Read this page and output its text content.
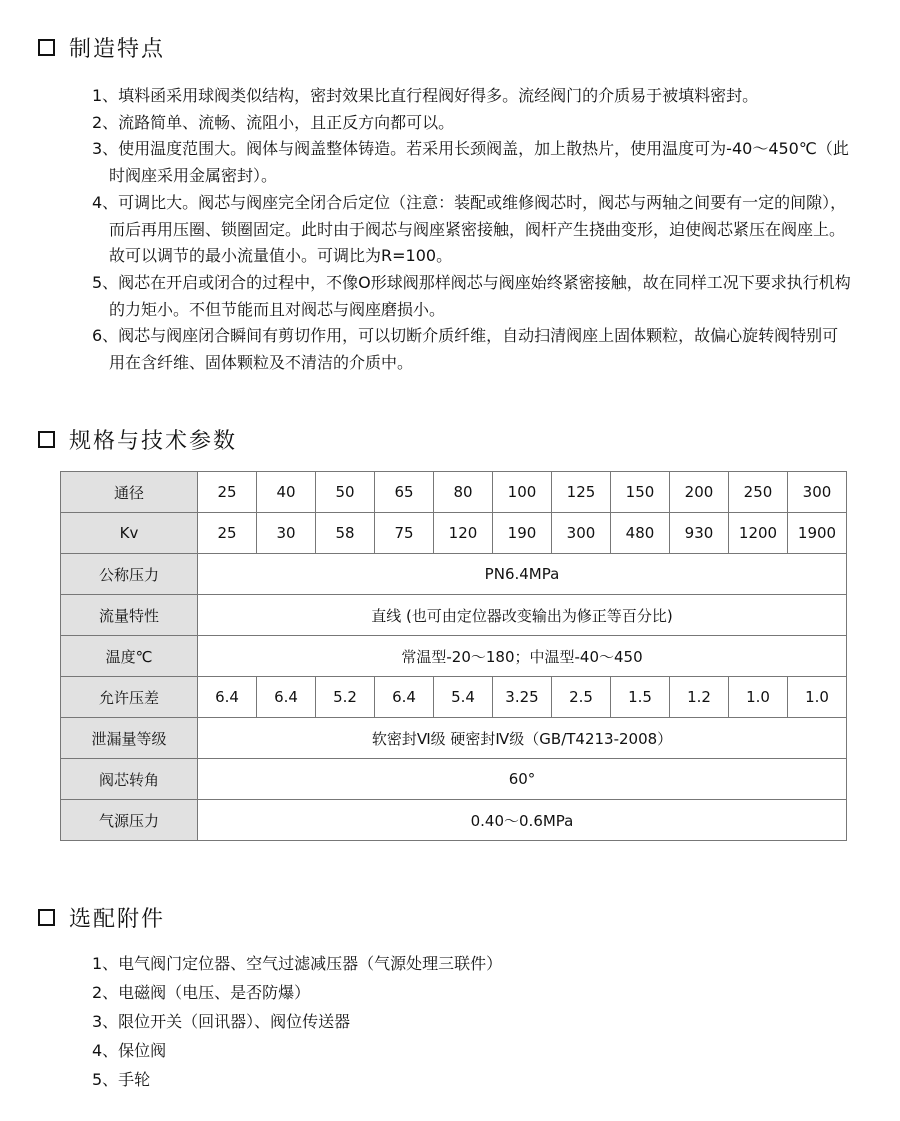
制造特点
1、填料函采用球阀类似结构，密封效果比直行程阀好得多。流经阀门的介质易于被填料密封。
2、流路简单、流畅、流阻小，且正反方向都可以。
3、使用温度范围大。阀体与阀盖整体铸造。若采用长颈阀盖，加上散热片，使用温度可为-40～450℃（此时阀座采用金属密封）。
4、可调比大。阀芯与阀座完全闭合后定位（注意：装配或维修阀芯时，阀芯与两轴之间要有一定的间隙），而后再用压圈、锁圈固定。此时由于阀芯与阀座紧密接触，阀杆产生挠曲变形，迫使阀芯紧压在阀座上。故可以调节的最小流量值小。可调比为R=100。
5、阀芯在开启或闭合的过程中，不像O形球阀那样阀芯与阀座始终紧密接触，故在同样工况下要求执行机构的力矩小。不但节能而且对阀芯与阀座磨损小。
6、阀芯与阀座闭合瞬间有剪切作用，可以切断介质纤维，自动扫清阀座上固体颗粒，故偏心旋转阀特别可用在含纤维、固体颗粒及不清洁的介质中。
规格与技术参数
通径	25	40	50	65	80	100	125	150	200	250	300
Kv	25	30	58	75	120	190	300	480	930	1200	1900
公称压力	PN6.4MPa										
流量特性	直线 (也可由定位器改变输出为修正等百分比)										
温度℃	常温型-20～180；中温型-40～450										
允许压差	6.4	6.4	5.2	6.4	5.4	3.25	2.5	1.5	1.2	1.0	1.0
泄漏量等级	软密封Ⅵ级 硬密封Ⅳ级（GB/T4213-2008）										
阀芯转角	60°										
气源压力	0.40～0.6MPa										
选配附件
1、电气阀门定位器、空气过滤减压器（气源处理三联件）
2、电磁阀（电压、是否防爆）
3、限位开关（回讯器）、阀位传送器
4、保位阀
5、手轮
